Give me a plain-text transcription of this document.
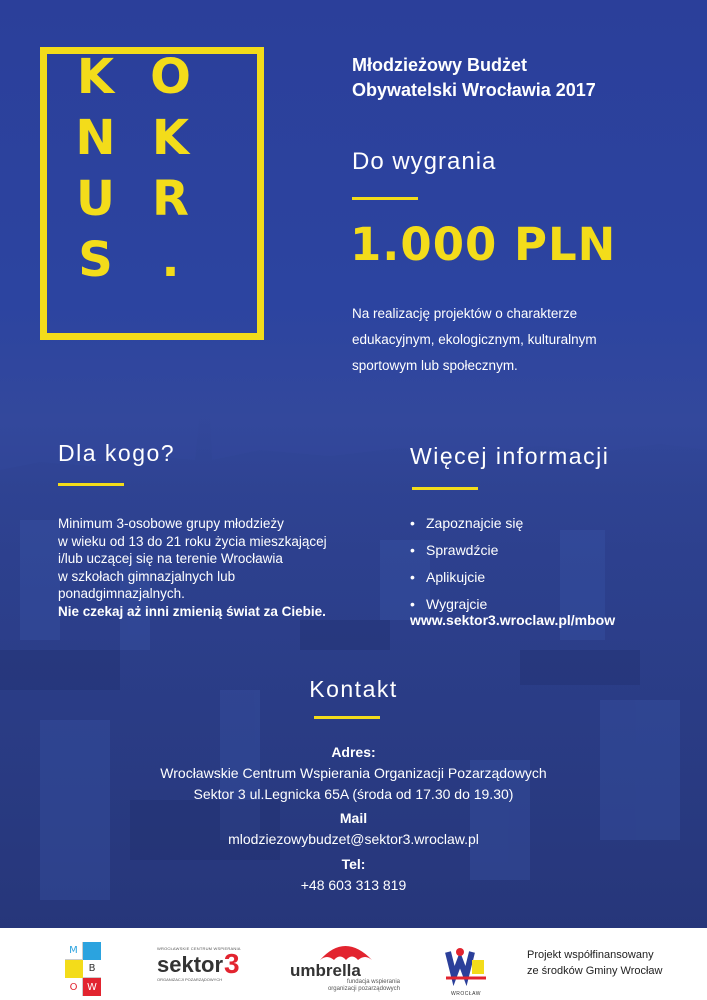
K O
N K
U R
S	.
Młodzieżowy Budżet
Obywatelski Wrocławia 2017
Do wygrania
1.000 PLN
Na realizację projektów o charakterze
edukacyjnym, ekologicznym, kulturalnym
sportowym lub społecznym.
Dla kogo?
Minimum 3-osobowe grupy młodzieży
w wieku od 13 do 21 roku życia mieszkającej
i/lub uczącej się na terenie Wrocławia
w szkołach gimnazjalnych lub
ponadgimnazjalnych.
Nie czekaj aż inni zmienią świat za Ciebie.
Więcej informacji
• Zapoznajcie się
• Sprawdźcie
• Aplikujcie
• Wygrajcie
www.sektor3.wroclaw.pl/mbow
Kontakt
Adres:
Wrocławskie Centrum Wspierania Organizacji Pozarządowych
Sektor 3 ul.Legnicka 65A (środa od 17.30 do 19.30)
Mail
mlodziezowybudzet@sektor3.wroclaw.pl
Tel:
+48 603 313 819
M
B
O W
WROCŁAWSKIE CENTRUM WSPIERANIA
sektor 3
ORGANIZACJI POZARZĄDOWYCH	umbrella
fundacja wspierania
organizacji pozarządowych
WROCŁAW
Projekt współfinansowany
ze środków Gminy Wrocław
